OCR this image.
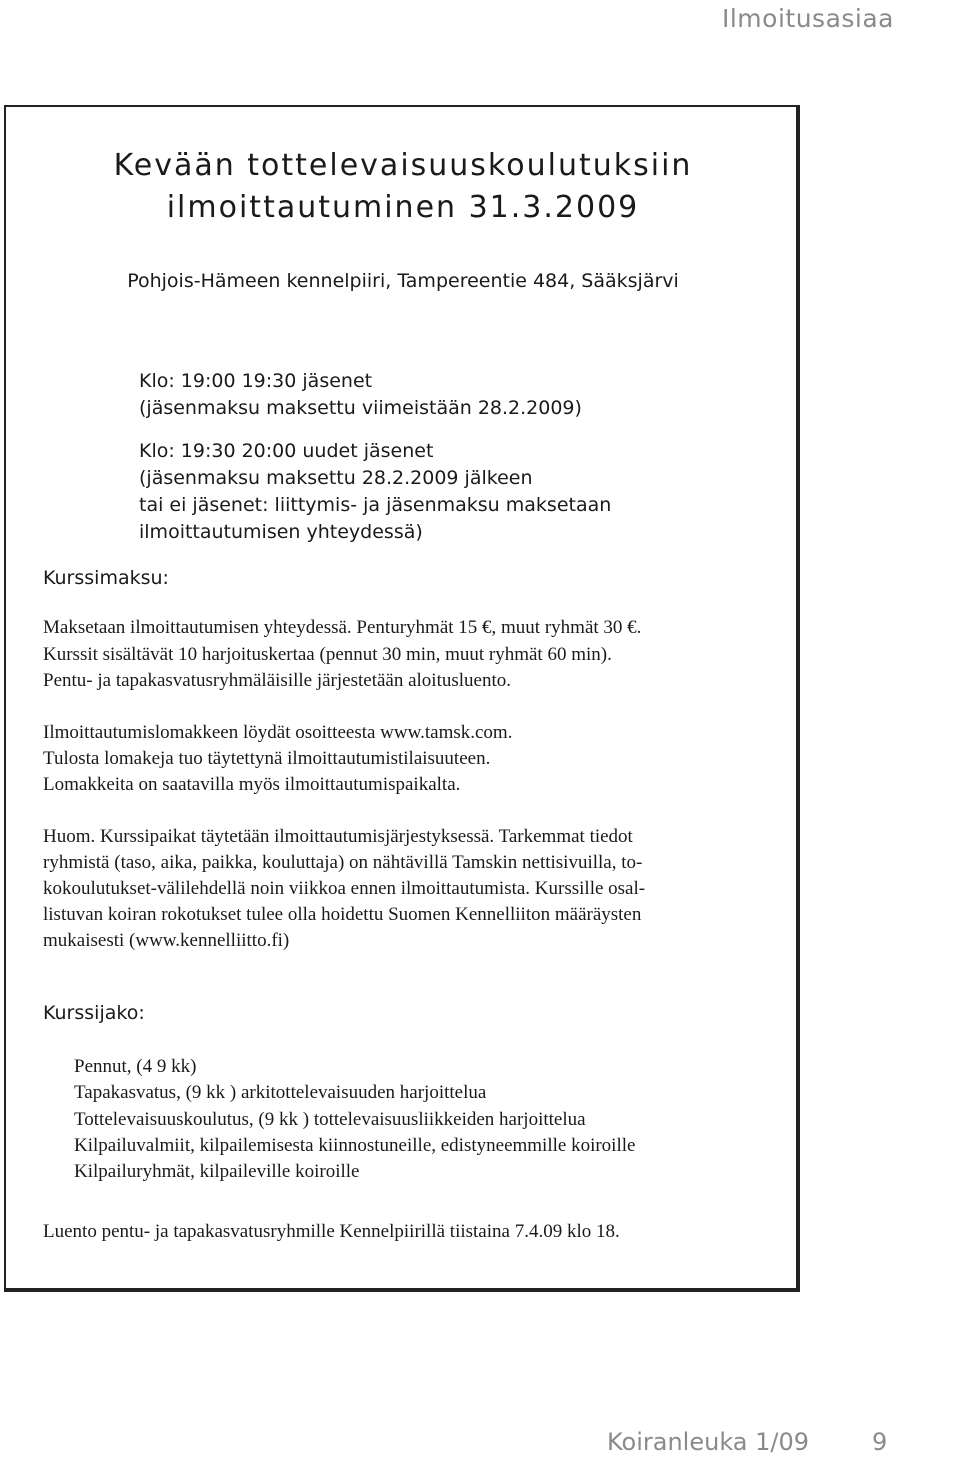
Ilmoitusasiaa
Kevään tottelevaisuuskoulutuksiin
ilmoittautuminen 31.3.2009
Pohjois-Hämeen kennelpiiri, Tampereentie 484, Sääksjärvi
Klo: 19:00 19:30 jäsenet
(jäsenmaksu maksettu viimeistään 28.2.2009)
Klo: 19:30 20:00 uudet jäsenet
(jäsenmaksu maksettu 28.2.2009 jälkeen
tai ei jäsenet: liittymis- ja jäsenmaksu maksetaan
ilmoittautumisen yhteydessä)
Kurssimaksu:
Maksetaan ilmoittautumisen yhteydessä. Penturyhmät 15 €, muut ryhmät 30 €.
Kurssit sisältävät 10 harjoituskertaa (pennut 30 min, muut ryhmät 60 min).
Pentu- ja tapakasvatusryhmäläisille järjestetään aloitusluento.
Ilmoittautumislomakkeen löydät osoitteesta www.tamsk.com.
Tulosta lomakeja tuo täytettynä ilmoittautumistilaisuuteen.
Lomakkeita on saatavilla myös ilmoittautumispaikalta.
Huom. Kurssipaikat täytetään ilmoittautumisjärjestyksessä. Tarkemmat tiedot
ryhmistä (taso, aika, paikka, kouluttaja) on nähtävillä Tamskin nettisivuilla, to-
kokoulutukset-välilehdellä noin viikkoa ennen ilmoittautumista. Kurssille osal-
listuvan koiran rokotukset tulee olla hoidettu Suomen Kennelliiton määräysten
mukaisesti (www.kennelliitto.fi)
Kurssijako:
Pennut, (4 9 kk)
Tapakasvatus, (9 kk ) arkitottelevaisuuden harjoittelua
Tottelevaisuuskoulutus, (9 kk ) tottelevaisuusliikkeiden harjoittelua
Kilpailuvalmiit, kilpailemisesta kiinnostuneille, edistyneemmille koiroille
Kilpailuryhmät, kilpaileville koiroille
Luento pentu- ja tapakasvatusryhmille Kennelpiirillä tiistaina 7.4.09 klo 18.
Koiranleuka 1/09	9
